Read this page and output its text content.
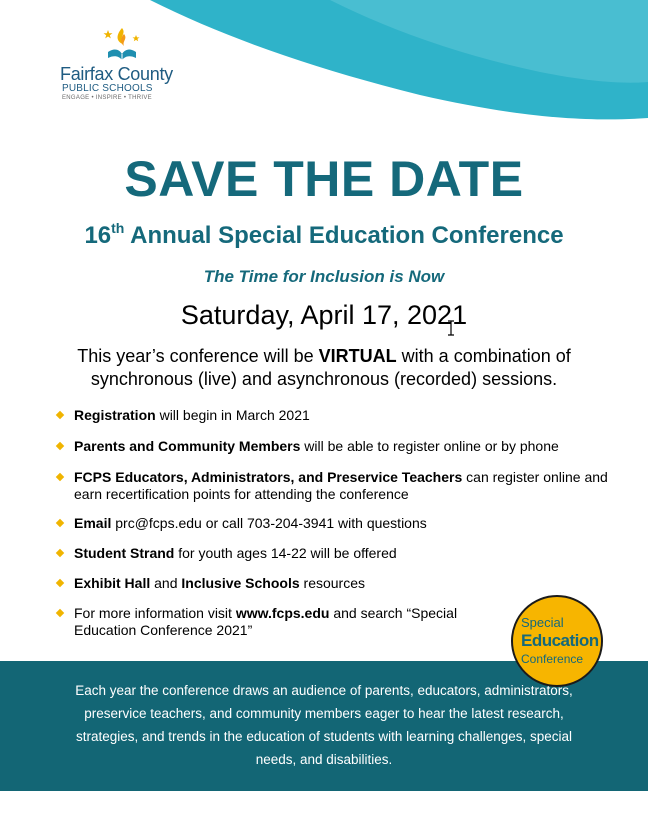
Fairfax County
PUBLIC SCHOOLS
ENGAGE • INSPIRE • THRIVE
SAVE THE DATE
16th Annual Special Education Conference
The Time for Inclusion is Now
Saturday, April 17, 2021
This year’s conference will be VIRTUAL with a combination of synchronous (live) and asynchronous (recorded) sessions.
Registration will begin in March 2021
Parents and Community Members will be able to register online or by phone
FCPS Educators, Administrators, and Preservice Teachers can register online and earn recertification points for attending the conference
Email prc@fcps.edu or call 703-204-3941 with questions
Student Strand for youth ages 14-22 will be offered
Exhibit Hall and Inclusive Schools resources
For more information visit www.fcps.edu and search “Special Education Conference 2021”	Special
Education
Conference
Each year the conference draws an audience of parents, educators, administrators, preservice teachers, and community members eager to hear the latest research, strategies, and trends in the education of students with learning challenges, special needs, and disabilities.
